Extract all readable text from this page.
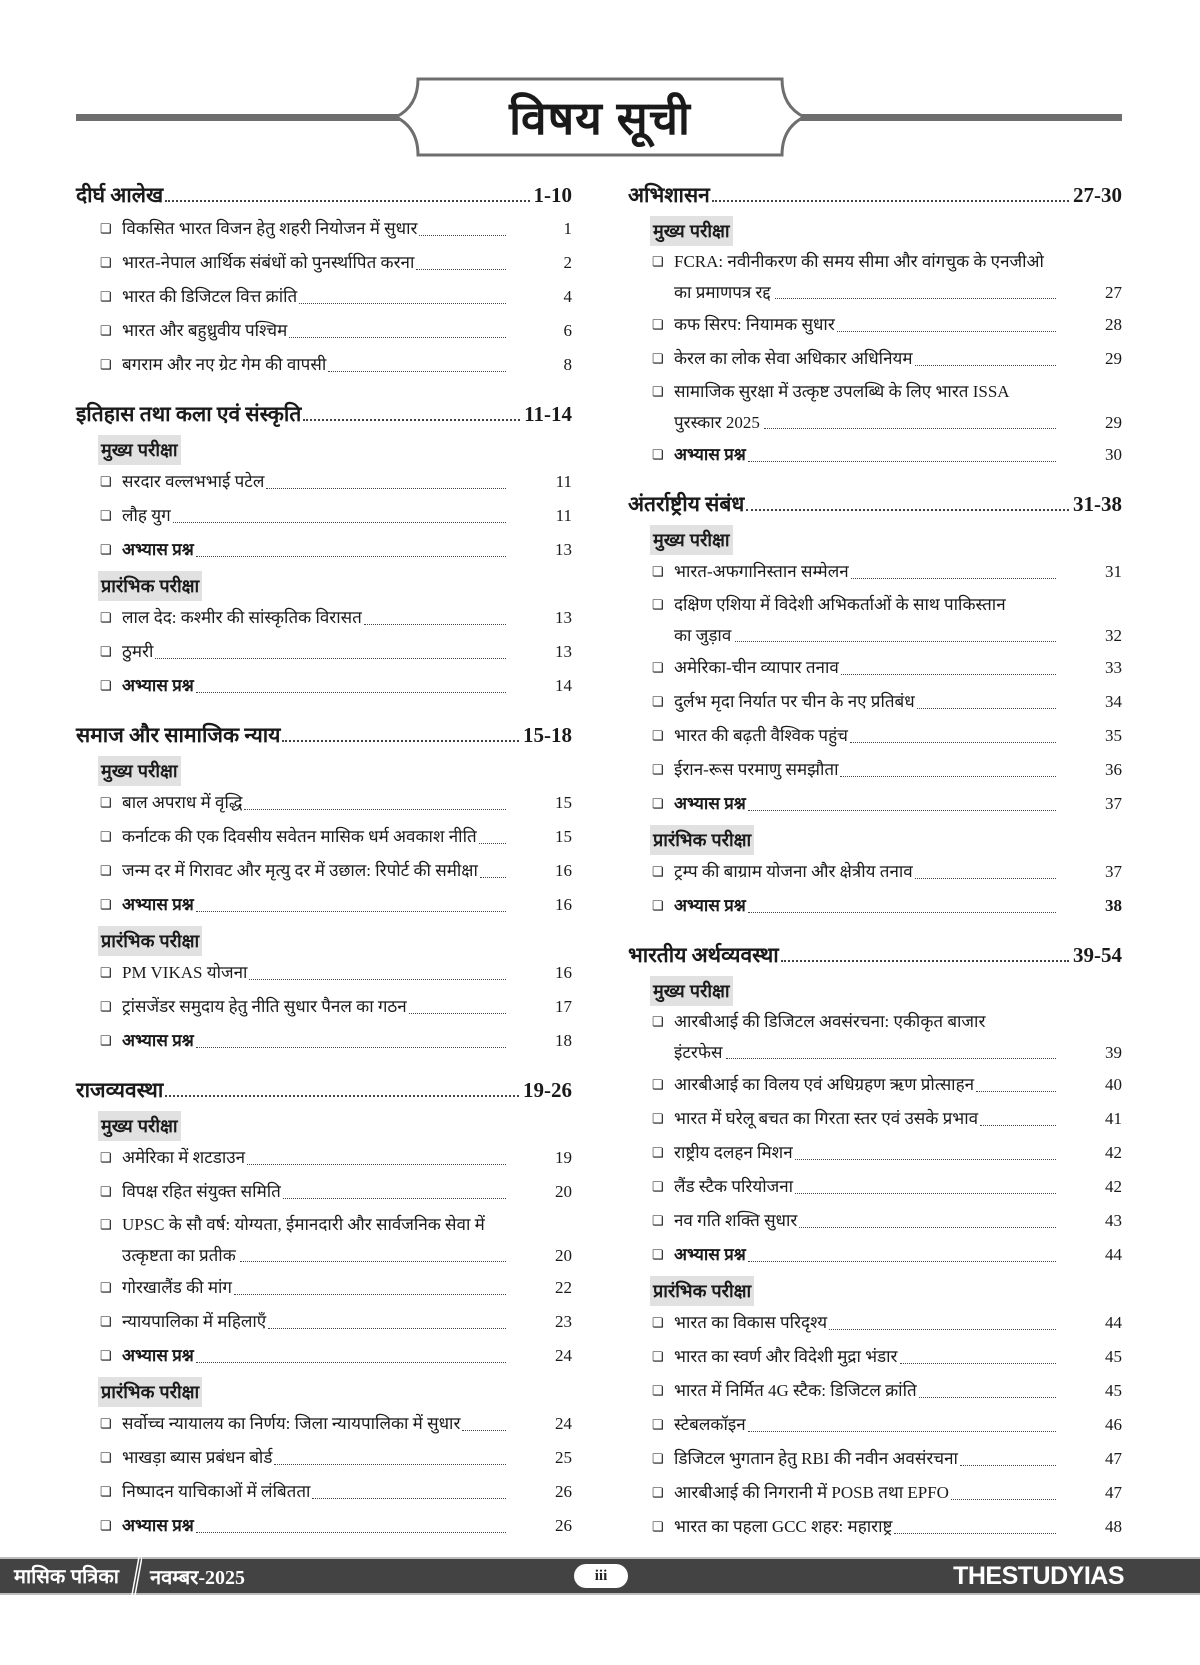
विषय सूची
दीर्घ आलेख	1-10
❏ विकसित भारत विजन हेतु शहरी नियोजन में सुधार	1
❏ भारत-नेपाल आर्थिक संबंधों को पुनर्स्थापित करना	2
❏ भारत की डिजिटल वित्त क्रांति	4
❏ भारत और बहुध्रुवीय पश्चिम	6
❏ बगराम और नए ग्रेट गेम की वापसी	8
इतिहास तथा कला एवं संस्कृति	11-14
मुख्य परीक्षा
❏ सरदार वल्लभभाई पटेल	11
❏ लौह युग	11
❏ अभ्यास प्रश्न	13
प्रारंभिक परीक्षा
❏ लाल देद: कश्मीर की सांस्कृतिक विरासत	13
❏ ठुमरी	13
❏ अभ्यास प्रश्न	14
समाज और सामाजिक न्याय	15-18
मुख्य परीक्षा
❏ बाल अपराध में वृद्धि	15
❏ कर्नाटक की एक दिवसीय सवेतन मासिक धर्म अवकाश नीति	15
❏ जन्म दर में गिरावट और मृत्यु दर में उछाल: रिपोर्ट की समीक्षा	16
❏ अभ्यास प्रश्न	16
प्रारंभिक परीक्षा
❏ PM VIKAS योजना	16
❏ ट्रांसजेंडर समुदाय हेतु नीति सुधार पैनल का गठन	17
❏ अभ्यास प्रश्न	18
राजव्यवस्था	19-26
मुख्य परीक्षा
❏ अमेरिका में शटडाउन	19
❏ विपक्ष रहित संयुक्त समिति	20
❏ UPSC के सौ वर्ष: योग्यता, ईमानदारी और सार्वजनिक सेवा में
उत्कृष्टता का प्रतीक	20
❏ गोरखालैंड की मांग	22
❏ न्यायपालिका में महिलाएँ	23
❏ अभ्यास प्रश्न	24
प्रारंभिक परीक्षा
❏ सर्वोच्च न्यायालय का निर्णय: जिला न्यायपालिका में सुधार	24
❏ भाखड़ा ब्यास प्रबंधन बोर्ड	25
❏ निष्पादन याचिकाओं में लंबितता	26
❏ अभ्यास प्रश्न	26
अभिशासन	27-30
मुख्य परीक्षा
❏ FCRA: नवीनीकरण की समय सीमा और वांगचुक के एनजीओ
का प्रमाणपत्र रद्द	27
❏ कफ सिरप: नियामक सुधार	28
❏ केरल का लोक सेवा अधिकार अधिनियम	29
❏ सामाजिक सुरक्षा में उत्कृष्ट उपलब्धि के लिए भारत ISSA
पुरस्कार 2025	29
❏ अभ्यास प्रश्न	30
अंतर्राष्ट्रीय संबंध	31-38
मुख्य परीक्षा
❏ भारत-अफगानिस्तान सम्मेलन	31
❏ दक्षिण एशिया में विदेशी अभिकर्ताओं के साथ पाकिस्तान
का जुड़ाव	32
❏ अमेरिका-चीन व्यापार तनाव	33
❏ दुर्लभ मृदा निर्यात पर चीन के नए प्रतिबंध	34
❏ भारत की बढ़ती वैश्विक पहुंच	35
❏ ईरान-रूस परमाणु समझौता	36
❏ अभ्यास प्रश्न	37
प्रारंभिक परीक्षा
❏ ट्रम्प की बाग्राम योजना और क्षेत्रीय तनाव	37
❏ अभ्यास प्रश्न	38
भारतीय अर्थव्यवस्था	39-54
मुख्य परीक्षा
❏ आरबीआई की डिजिटल अवसंरचना: एकीकृत बाजार
इंटरफेस	39
❏ आरबीआई का विलय एवं अधिग्रहण ऋण प्रोत्साहन	40
❏ भारत में घरेलू बचत का गिरता स्तर एवं उसके प्रभाव	41
❏ राष्ट्रीय दलहन मिशन	42
❏ लैंड स्टैक परियोजना	42
❏ नव गति शक्ति सुधार	43
❏ अभ्यास प्रश्न	44
प्रारंभिक परीक्षा
❏ भारत का विकास परिदृश्य	44
❏ भारत का स्वर्ण और विदेशी मुद्रा भंडार	45
❏ भारत में निर्मित 4G स्टैक: डिजिटल क्रांति	45
❏ स्टेबलकॉइन	46
❏ डिजिटल भुगतान हेतु RBI की नवीन अवसंरचना	47
❏ आरबीआई की निगरानी में POSB तथा EPFO	47
❏ भारत का पहला GCC शहर: महाराष्ट्र	48
मासिक पत्रिका नवम्बर-2025	iii	THESTUDYIAS
